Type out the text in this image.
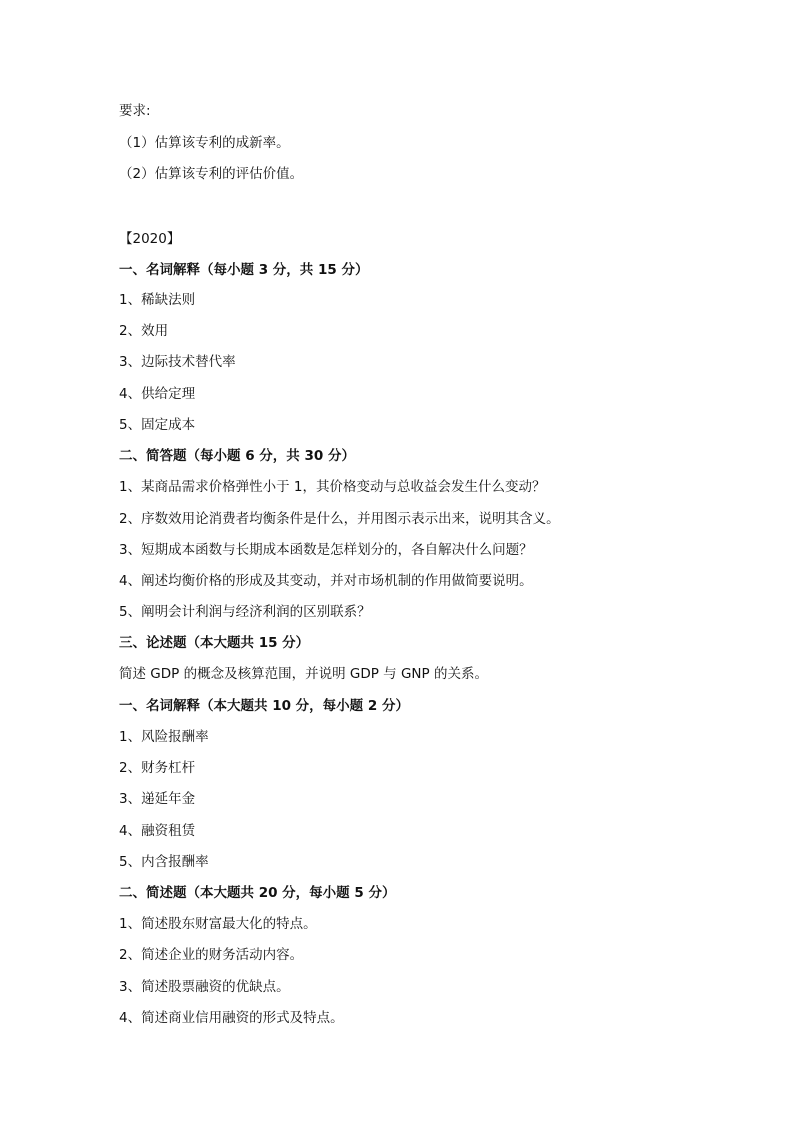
要求:
（1）估算该专利的成新率。
（2）估算该专利的评估价值。
【2020】
一、名词解释（每小题 3 分，共 15 分）
1、稀缺法则
2、效用
3、边际技术替代率
4、供给定理
5、固定成本
二、简答题（每小题 6 分，共 30 分）
1、某商品需求价格弹性小于 1，其价格变动与总收益会发生什么变动？
2、序数效用论消费者均衡条件是什么，并用图示表示出来，说明其含义。
3、短期成本函数与长期成本函数是怎样划分的，各自解决什么问题？
4、阐述均衡价格的形成及其变动，并对市场机制的作用做简要说明。
5、阐明会计利润与经济利润的区别联系？
三、论述题（本大题共 15 分）
简述 GDP 的概念及核算范围，并说明 GDP 与 GNP 的关系。
一、名词解释（本大题共 10 分，每小题 2 分）
1、风险报酬率
2、财务杠杆
3、递延年金
4、融资租赁
5、内含报酬率
二、简述题（本大题共 20 分，每小题 5 分）
1、简述股东财富最大化的特点。
2、简述企业的财务活动内容。
3、简述股票融资的优缺点。
4、简述商业信用融资的形式及特点。
